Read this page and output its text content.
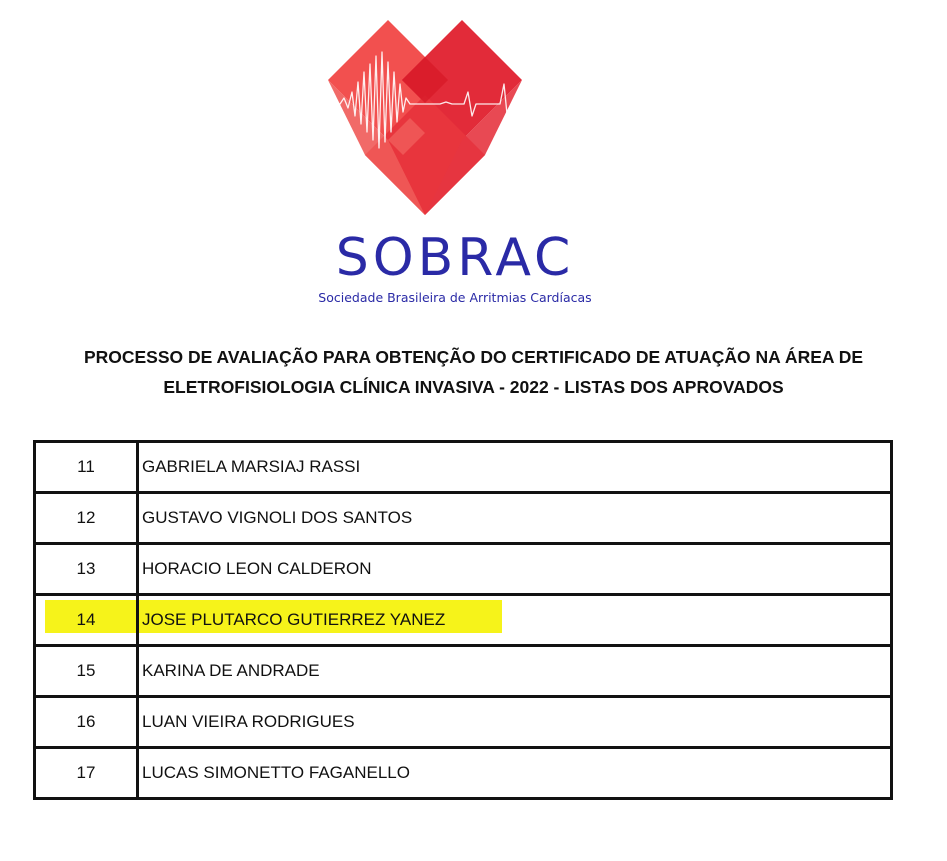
SOBRAC
Sociedade Brasileira de Arritmias Cardíacas
PROCESSO DE AVALIAÇÃO PARA OBTENÇÃO DO CERTIFICADO DE ATUAÇÃO NA ÁREA DE
ELETROFISIOLOGIA CLÍNICA INVASIVA - 2022 - LISTAS DOS APROVADOS
11	GABRIELA MARSIAJ RASSI
12	GUSTAVO VIGNOLI DOS SANTOS
13	HORACIO LEON CALDERON
14	JOSE PLUTARCO GUTIERREZ YANEZ
15	KARINA DE ANDRADE
16	LUAN VIEIRA RODRIGUES
17	LUCAS SIMONETTO FAGANELLO
